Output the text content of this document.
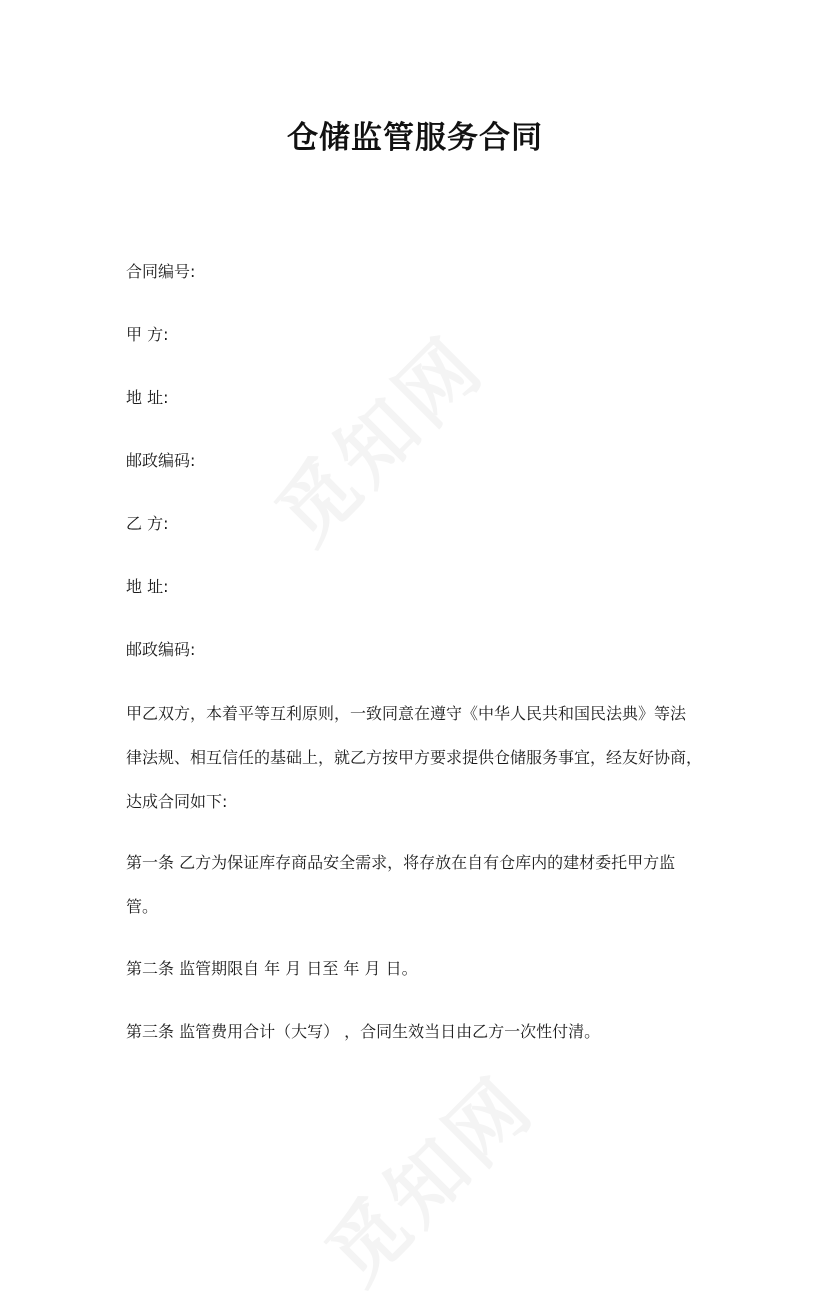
仓储监管服务合同
合同编号:
甲 方:
地 址:
邮政编码:
乙 方:
地 址:
邮政编码:
甲乙双方，本着平等互利原则，一致同意在遵守《中华人民共和国民法典》等法
律法规、相互信任的基础上，就乙方按甲方要求提供仓储服务事宜，经友好协商，
达成合同如下:
第一条 乙方为保证库存商品安全需求，将存放在自有仓库内的建材委托甲方监
管。
第二条 监管期限自 年 月 日至 年 月 日。
第三条 监管费用合计（大写） ，合同生效当日由乙方一次性付清。
